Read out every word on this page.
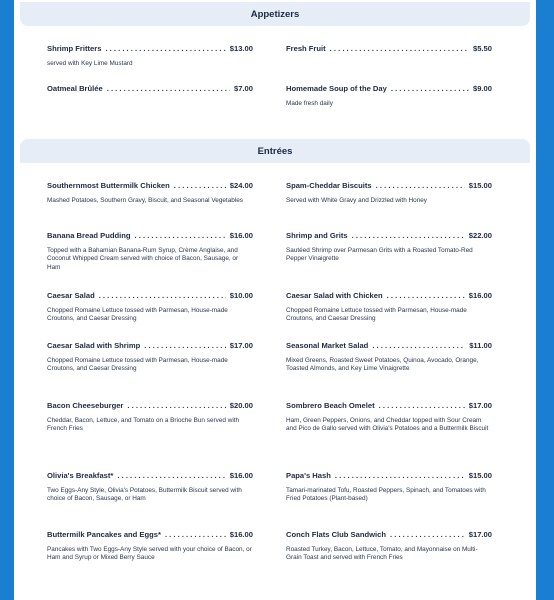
Appetizers
Shrimp Fritters . . .	$13.00
served with Key Lime Mustard
Fresh Fruit . . .	$5.50
Oatmeal Brûlée . . .	$7.00	Homemade Soup of the Day . . .	$9.00
Made fresh daily
Entrées
Southernmost Buttermilk Chicken . . .	$24.00
Mashed Potatoes, Southern Gravy, Biscuit, and Seasonal Vegetables
Banana Bread Pudding . . .	$16.00
Topped with a Bahamian Banana-Rum Syrup, Crème Anglaise, and Coconut Whipped Cream served with choice of Bacon, Sausage, or Ham
Caesar Salad . . .	$10.00
Chopped Romaine Lettuce tossed with Parmesan, House-made Croutons, and Caesar Dressing
Caesar Salad with Shrimp . . .	$17.00
Chopped Romaine Lettuce tossed with Parmesan, House-made Croutons, and Caesar Dressing
Bacon Cheeseburger . . .	$20.00
Cheddar, Bacon, Lettuce, and Tomato on a Brioche Bun served with French Fries
Olivia's Breakfast* . . .	$16.00
Two Eggs-Any Style, Olivia's Potatoes, Buttermilk Biscuit served with choice of Bacon, Sausage, or Ham
Buttermilk Pancakes and Eggs* . . .	$16.00
Pancakes with Two Eggs-Any Style served with your choice of Bacon, or Ham and Syrup or Mixed Berry Sauce
Spam-Cheddar Biscuits . . .	$15.00
Served with White Gravy and Drizzled with Honey
Shrimp and Grits . . .	$22.00
Sautéed Shrimp over Parmesan Grits with a Roasted Tomato-Red Pepper Vinaigrette
Caesar Salad with Chicken . . .	$16.00
Chopped Romaine Lettuce tossed with Parmesan, House-made Croutons, and Caesar Dressing
Seasonal Market Salad . . .	$11.00
Mixed Greens, Roasted Sweet Potatoes, Quinoa, Avocado, Orange, Toasted Almonds, and Key Lime Vinaigrette
Sombrero Beach Omelet . . .	$17.00
Ham, Green Peppers, Onions, and Cheddar topped with Sour Cream and Pico de Gallo served with Olivia's Potatoes and a Buttermilk Biscuit
Papa's Hash . . .	$15.00
Tamari-marinated Tofu, Roasted Peppers, Spinach, and Tomatoes with Fried Potatoes (Plant-based)
Conch Flats Club Sandwich . . .	$17.00
Roasted Turkey, Bacon, Lettuce, Tomato, and Mayonnaise on Multi-Grain Toast and served with French Fries
